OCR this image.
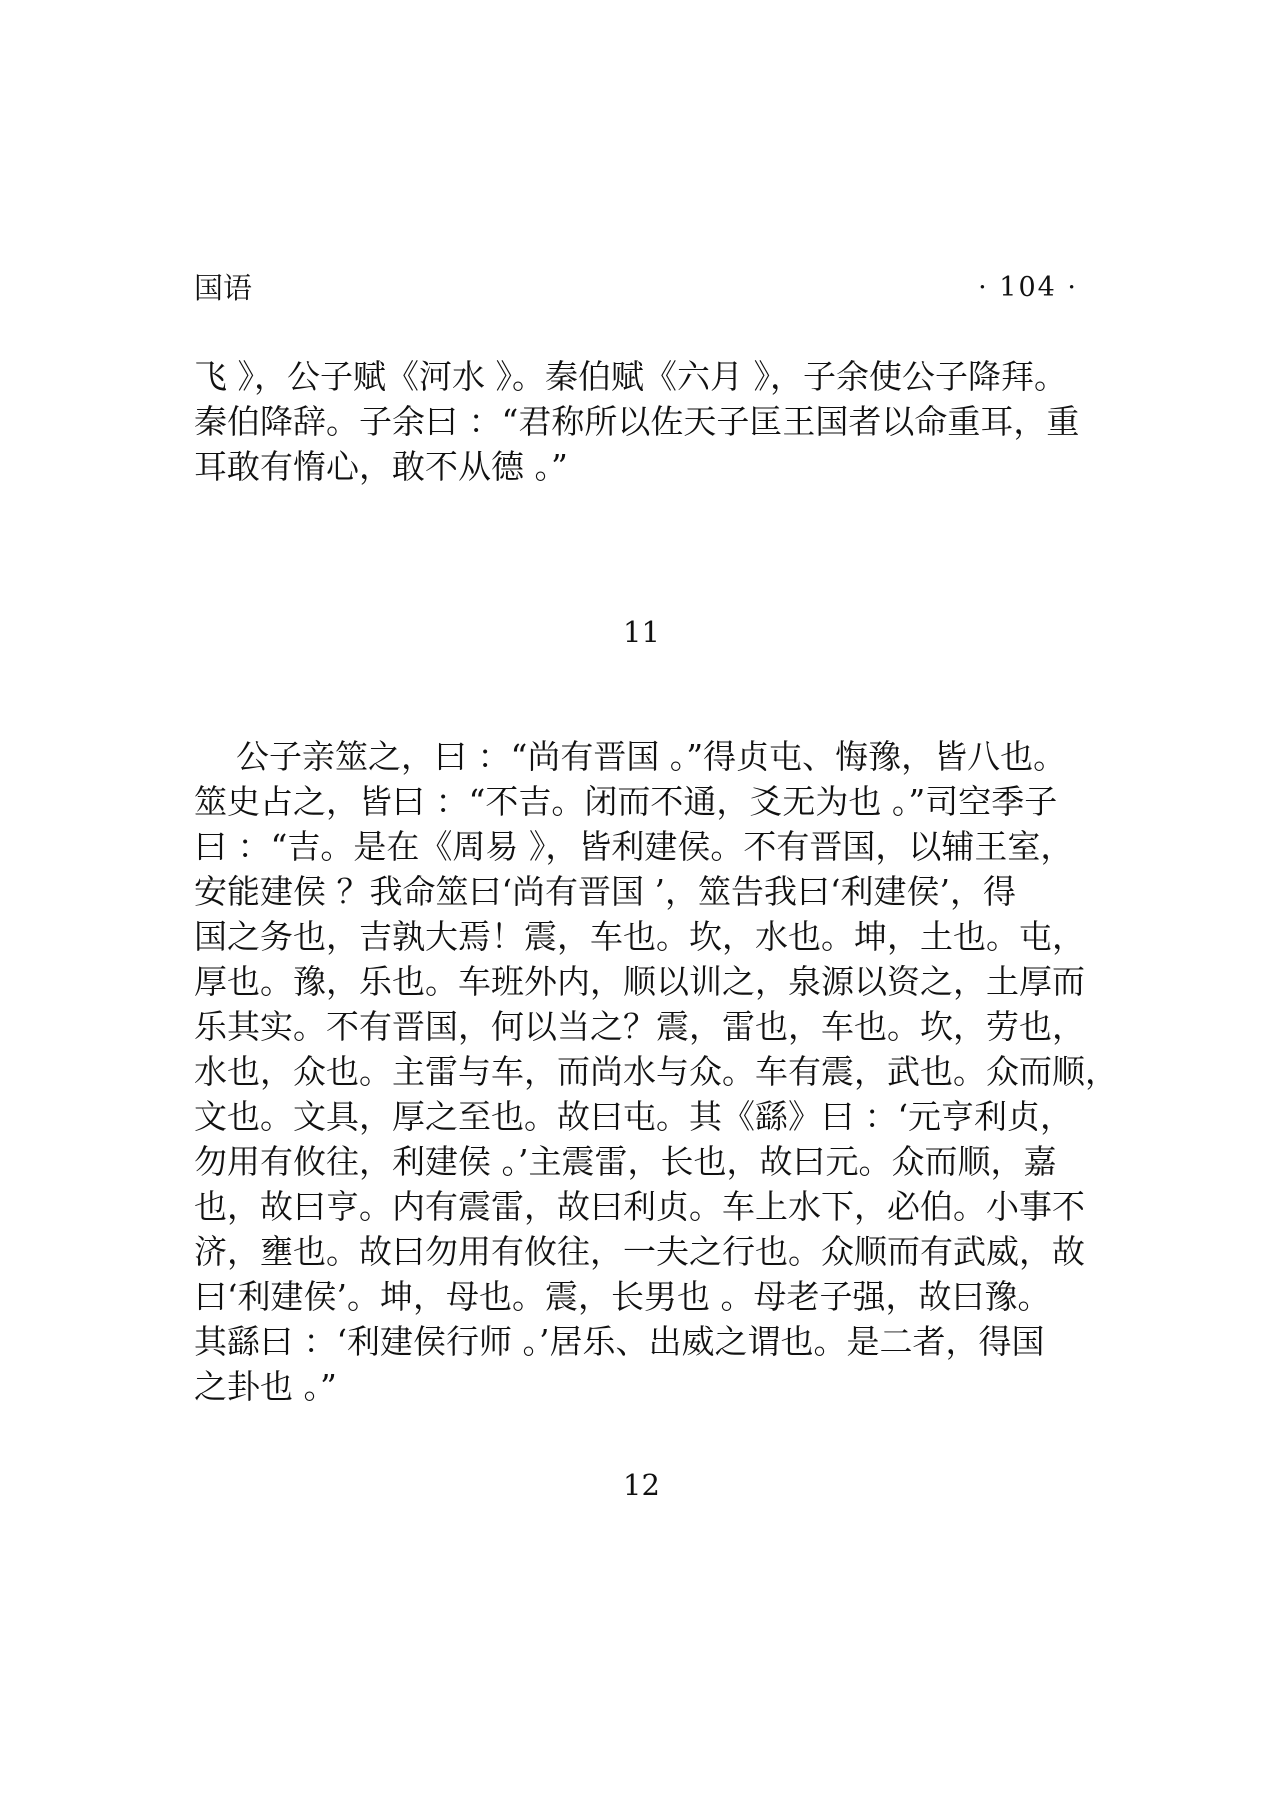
国语	· 104 ·
飞 》，公子赋《河水 》。秦伯赋《六月 》，子余使公子降拜。
秦伯降辞。子余曰 ：“君称所以佐天子匡王国者以命重耳，重
耳敢有惰心，敢不从德 。”
11
公子亲筮之，曰 ：“尚有晋国 。”得贞屯、悔豫，皆八也。
筮史占之，皆曰 ：“不吉。闭而不通，爻无为也 。”司空季子
曰 ：“吉。是在《周易 》，皆利建侯。不有晋国，以辅王室，
安能建侯 ？我命筮曰‘尚有晋国 ’，筮告我曰‘利建侯’，得
国之务也，吉孰大焉！震，车也。坎，水也。坤，土也。屯，
厚也。豫，乐也。车班外内，顺以训之，泉源以资之，土厚而
乐其实。不有晋国，何以当之？震，雷也，车也。坎，劳也，
水也，众也。主雷与车，而尚水与众。车有震，武也。众而顺，
文也。文具，厚之至也。故曰屯。其《繇》曰 ：‘元亨利贞，
勿用有攸往，利建侯 。’主震雷，长也，故曰元。众而顺，嘉
也，故曰亨。内有震雷，故曰利贞。车上水下，必伯。小事不
济，壅也。故曰勿用有攸往，一夫之行也。众顺而有武威，故
曰‘利建侯’。坤，母也。震，长男也 。母老子强，故曰豫。
其繇曰 ：‘利建侯行师 。’居乐、出威之谓也。是二者，得国
之卦也 。”
12
